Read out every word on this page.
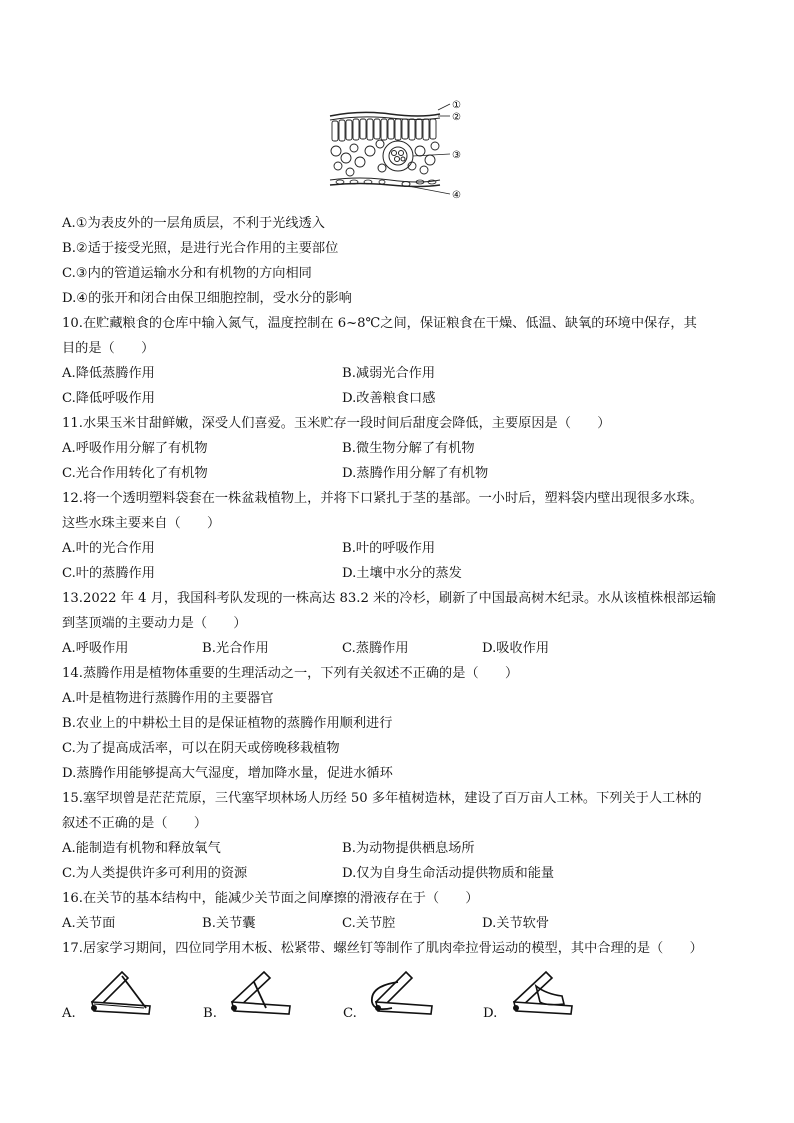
①
②
③
④
A.①为表皮外的一层角质层，不利于光线透入
B.②适于接受光照，是进行光合作用的主要部位
C.③内的管道运输水分和有机物的方向相同
D.④的张开和闭合由保卫细胞控制，受水分的影响
10.在贮藏粮食的仓库中输入氮气，温度控制在 6~8℃之间，保证粮食在干燥、低温、缺氧的环境中保存，其
目的是（　　）
A.降低蒸腾作用	B.减弱光合作用
C.降低呼吸作用	D.改善粮食口感
11.水果玉米甘甜鲜嫩，深受人们喜爱。玉米贮存一段时间后甜度会降低，主要原因是（　　）
A.呼吸作用分解了有机物	B.微生物分解了有机物
C.光合作用转化了有机物	D.蒸腾作用分解了有机物
12.将一个透明塑料袋套在一株盆栽植物上，并将下口紧扎于茎的基部。一小时后，塑料袋内壁出现很多水珠。
这些水珠主要来自（　　）
A.叶的光合作用	B.叶的呼吸作用
C.叶的蒸腾作用	D.土壤中水分的蒸发
13.2022 年 4 月，我国科考队发现的一株高达 83.2 米的冷杉，刷新了中国最高树木纪录。水从该植株根部运输
到茎顶端的主要动力是（　　）
A.呼吸作用	B.光合作用	C.蒸腾作用	D.吸收作用
14.蒸腾作用是植物体重要的生理活动之一，下列有关叙述不正确的是（　　）
A.叶是植物进行蒸腾作用的主要器官
B.农业上的中耕松土目的是保证植物的蒸腾作用顺利进行
C.为了提高成活率，可以在阴天或傍晚移栽植物
D.蒸腾作用能够提高大气湿度，增加降水量，促进水循环
15.塞罕坝曾是茫茫荒原，三代塞罕坝林场人历经 50 多年植树造林，建设了百万亩人工林。下列关于人工林的
叙述不正确的是（　　）
A.能制造有机物和释放氧气	B.为动物提供栖息场所
C.为人类提供许多可利用的资源	D.仅为自身生命活动提供物质和能量
16.在关节的基本结构中，能减少关节面之间摩擦的滑液存在于（　　）
A.关节面	B.关节囊	C.关节腔	D.关节软骨
17.居家学习期间，四位同学用木板、松紧带、螺丝钉等制作了肌肉牵拉骨运动的模型，其中合理的是（　　）
A.	B.	C.	D.
